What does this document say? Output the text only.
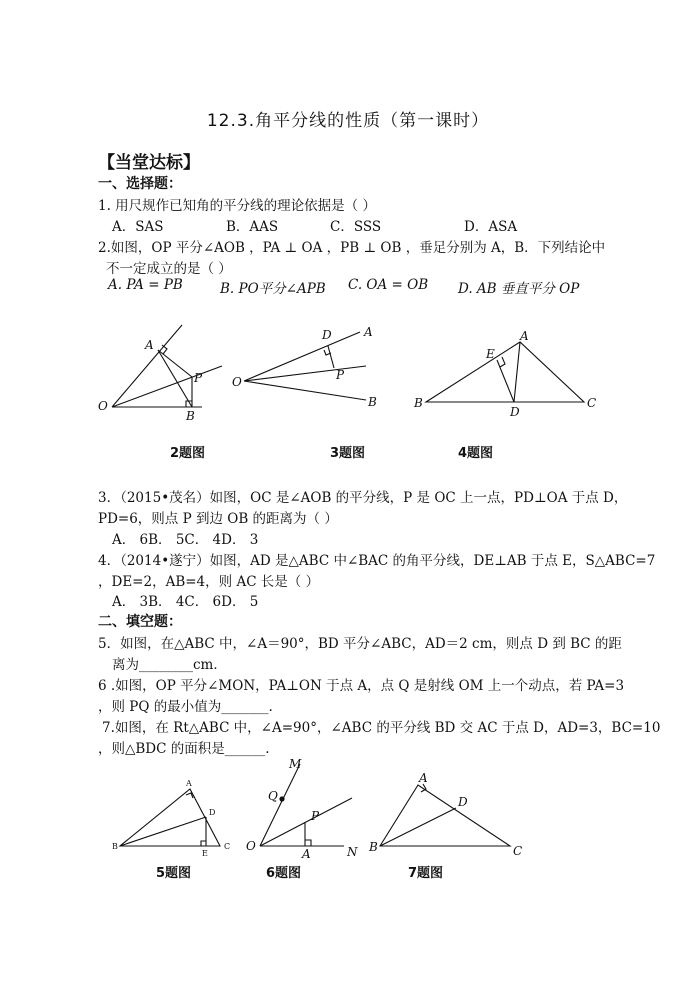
12.3.角平分线的性质（第一课时）
【当堂达标】
一、选择题：
1. 用尺规作已知角的平分线的理论依据是（ ）
A．SAS	B．AAS	C．SSS	D．ASA
2.如图，OP 平分∠AOB ，PA ⊥ OA ，PB ⊥ OB ，垂足分别为 A，B．下列结论中
不一定成立的是（ ）
A. PA = PB	B. PO平分∠APB C. OA = OB D. AB 垂直平分 OP
A
P
O
B
D	A
O	P
B
A
E
B
D
C
2题图	3题图	4题图
3．（2015•茂名）如图，OC 是∠AOB 的平分线，P 是 OC 上一点，PD⊥OA 于点 D，
PD=6，则点 P 到边 OB 的距离为（ ）
A． 6B． 5C． 4D． 3
4．（2014•遂宁）如图，AD 是△ABC 中∠BAC 的角平分线，DE⊥AB 于点 E，S△ABC=7
，DE=2，AB=4，则 AC 长是（ ）
A． 3B． 4C． 6D． 5
二、填空题：
5．如图，在△ABC 中，∠A＝90°，BD 平分∠ABC，AD＝2 cm，则点 D 到 BC 的距
离为________cm．
6 .如图，OP 平分∠MON，PA⊥ON 于点 A，点 Q 是射线 OM 上一个动点，若 PA=3
，则 PQ 的最小值为_______.
7.如图，在 Rt△ABC 中，∠A=90°，∠ABC 的平分线 BD 交 AC 于点 D，AD=3，BC=10
，则△BDC 的面积是______.
A
D
B
E
C
M
Q
P
O
A	N
A
D
B	C
5题图	6题图	7题图
